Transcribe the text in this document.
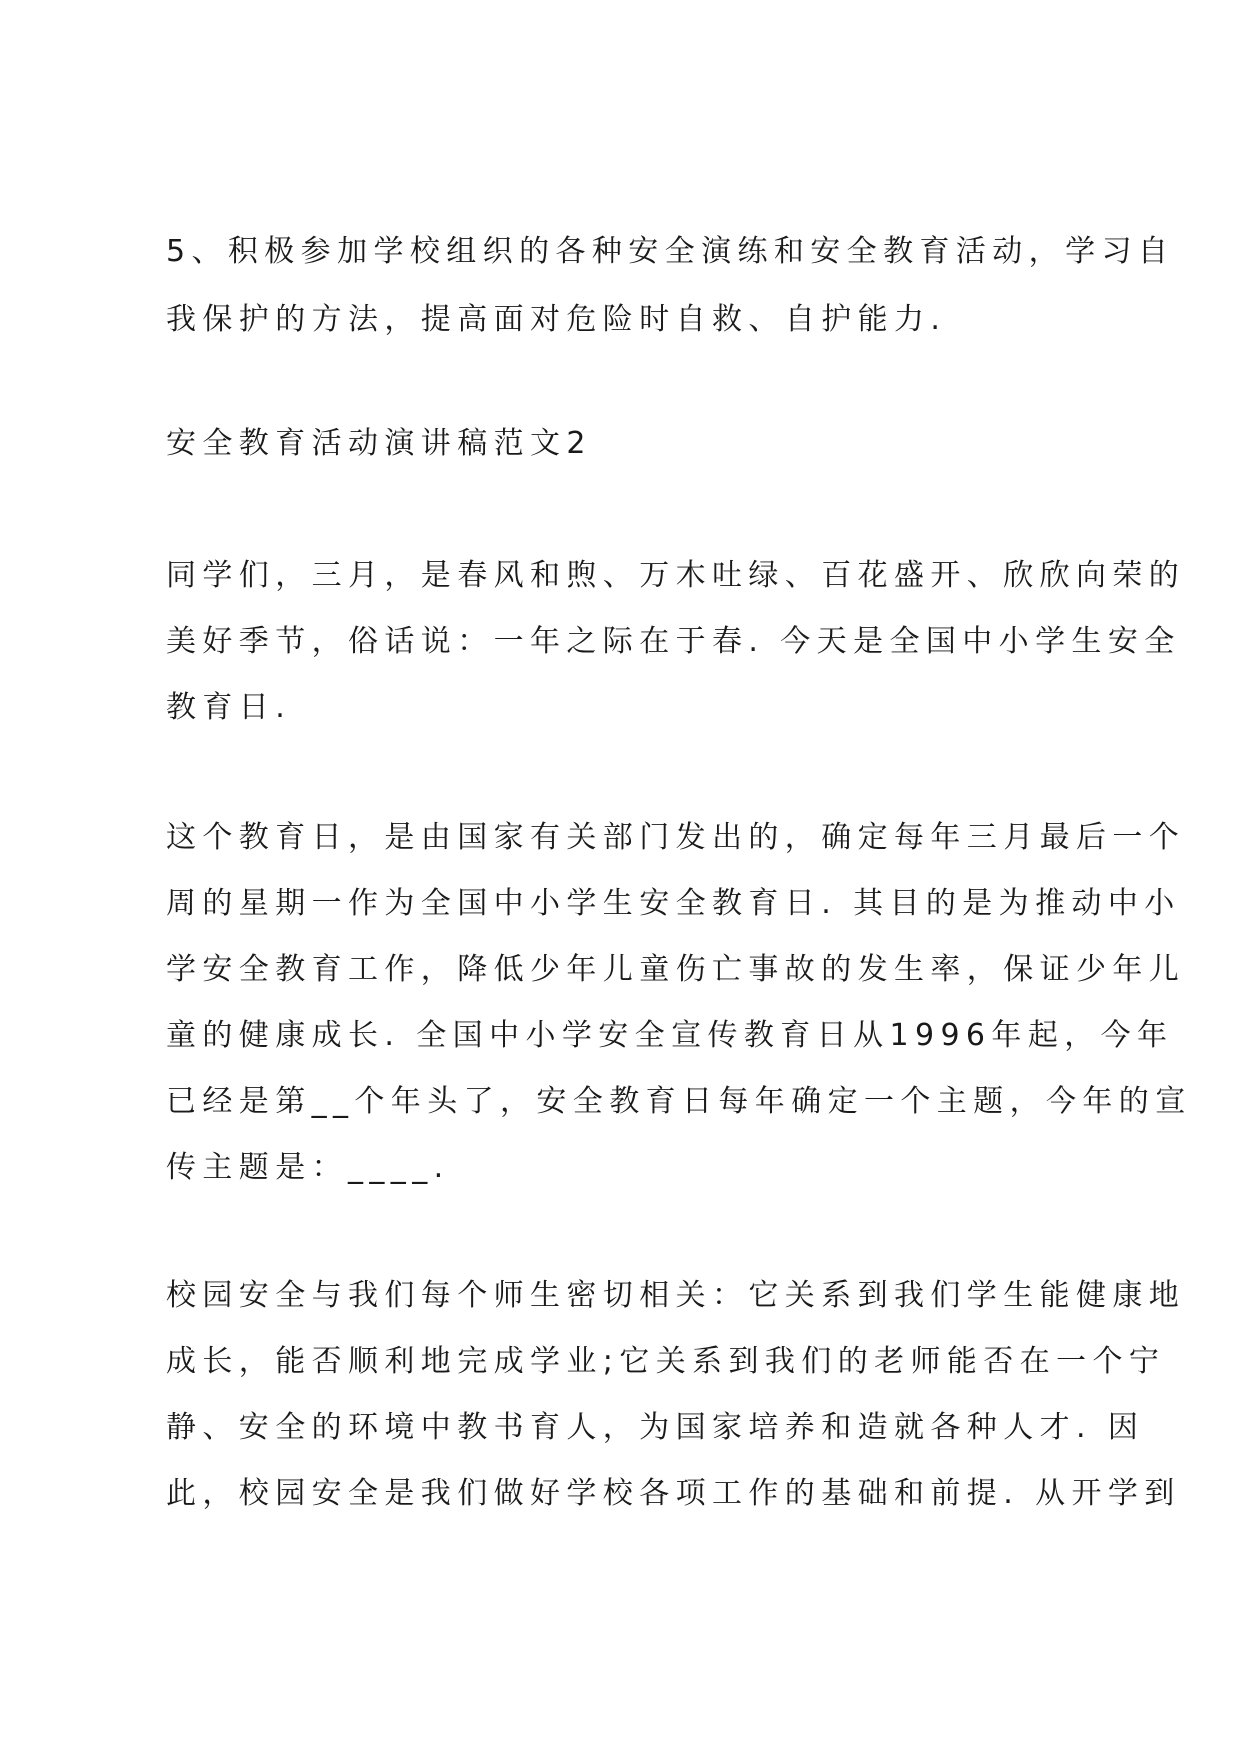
5、积极参加学校组织的各种安全演练和安全教育活动，学习自
我保护的方法，提高面对危险时自救、自护能力.
安全教育活动演讲稿范文2
同学们，三月，是春风和煦、万木吐绿、百花盛开、欣欣向荣的
美好季节，俗话说：一年之际在于春. 今天是全国中小学生安全
教育日.
这个教育日，是由国家有关部门发出的，确定每年三月最后一个
周的星期一作为全国中小学生安全教育日. 其目的是为推动中小
学安全教育工作，降低少年儿童伤亡事故的发生率，保证少年儿
童的健康成长. 全国中小学安全宣传教育日从1996年起，今年
已经是第__个年头了，安全教育日每年确定一个主题，今年的宣
传主题是：____.
校园安全与我们每个师生密切相关：它关系到我们学生能健康地
成长，能否顺利地完成学业;它关系到我们的老师能否在一个宁
静、安全的环境中教书育人，为国家培养和造就各种人才. 因
此，校园安全是我们做好学校各项工作的基础和前提. 从开学到
